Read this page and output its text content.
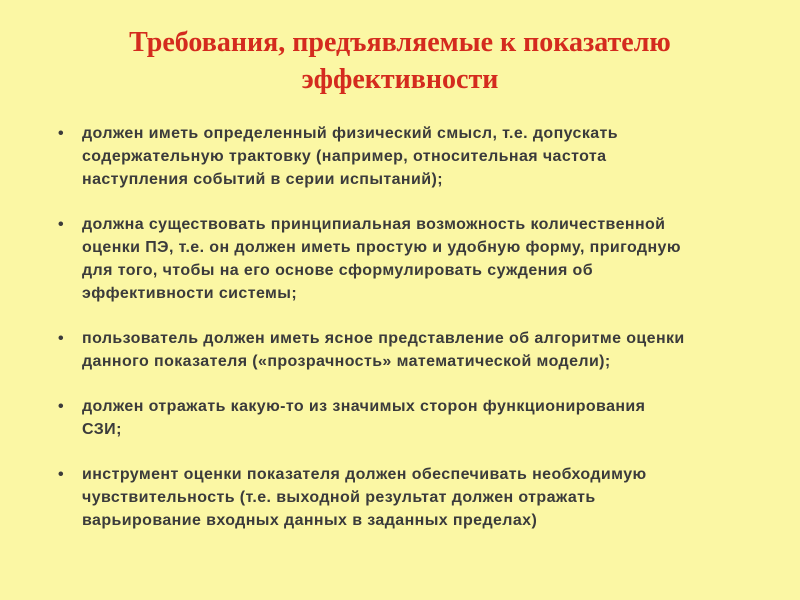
Требования, предъявляемые к показателю
эффективности
•	должен иметь определенный физический смысл, т.е. допускать
содержательную трактовку (например, относительная частота
наступления событий в серии испытаний);
•	должна существовать принципиальная возможность количественной
оценки ПЭ, т.е. он должен иметь простую и удобную форму, пригодную
для того, чтобы на его основе сформулировать суждения об
эффективности системы;
•	пользователь должен иметь ясное представление об алгоритме оценки
данного показателя («прозрачность» математической модели);
•	должен отражать какую-то из значимых сторон функционирования
СЗИ;
•	инструмент оценки показателя должен обеспечивать необходимую
чувствительность (т.е. выходной результат должен отражать
варьирование входных данных в заданных пределах)
